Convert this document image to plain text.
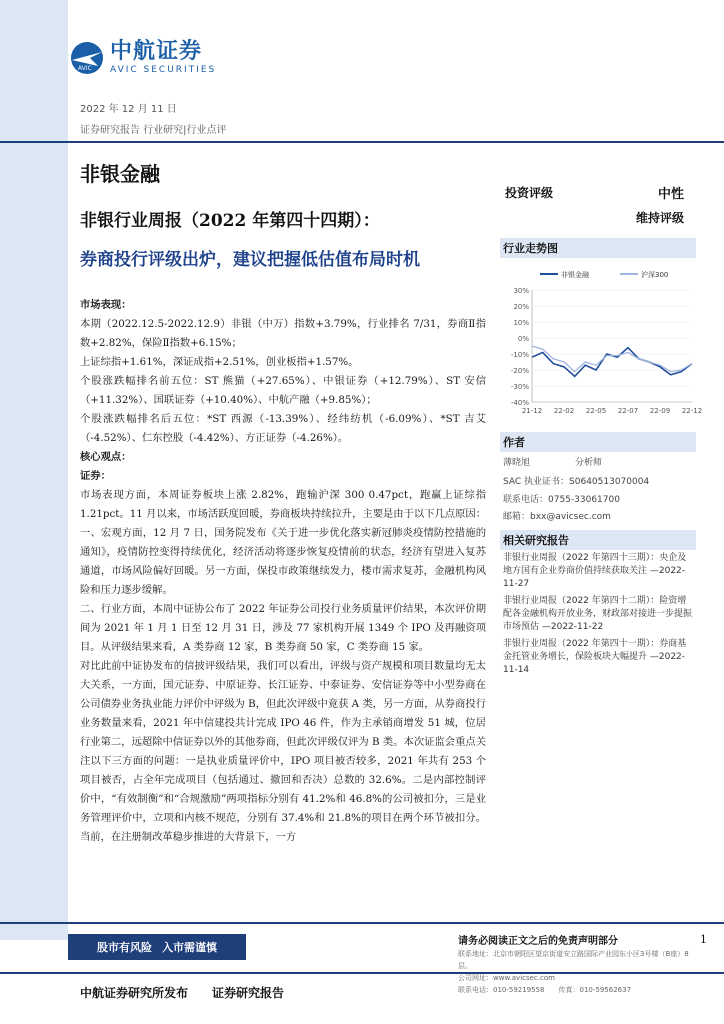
AVIC
中航证券
AVIC SECURITIES
2022 年 12 月 11 日
证券研究报告 行业研究|行业点评
非银金融
非银行业周报（2022 年第四十四期）：
券商投行评级出炉，建议把握低估值布局时机
投资评级	中性
维持评级
行业走势图
30%
20%
10%
0%
-10%
-20%
-30%
-40%
21-12 22-02 22-05 22-07 22-09 22-12
非银金融	沪深300
作者
薄晓旭　　　　　分析师
SAC 执业证书：S0640513070004
联系电话：0755-33061700
邮箱：bxx@avicsec.com
相关研究报告

非银行业周报（2022 年第四十三期）：央企及地方国有企业券商价值持续获取关注 —2022-11-27

非银行业周报（2022 年第四十二期）：险资增配各金融机构开放业务，财政部对接进一步提振市场预估 —2022-11-22

非银行业周报（2022 年第四十一期）：券商基金托管业务增长，保险板块大幅提升 —2022-11-14

市场表现：

本期（2022.12.5-2022.12.9）非银（中万）指数+3.79%，行业排名 7/31，券商Ⅱ指数+2.82%，保险Ⅱ指数+6.15%；

上证综指+1.61%，深证成指+2.51%，创业板指+1.57%。

个股涨跌幅排名前五位：ST 熊猫（+27.65%）、中银证券（+12.79%）、ST 安信（+11.32%）、国联证券（+10.40%）、中航产融（+9.85%）；

个股涨跌幅排名后五位：*ST 西源（-13.39%）、经纬纺机（-6.09%）、*ST 吉艾（-4.52%）、仁东控股（-4.42%）、方正证券（-4.26%）。

核心观点：

证券：

市场表现方面，本周证券板块上涨 2.82%，跑输沪深 300 0.47pct，跑赢上证综指 1.21pct。11 月以来，市场活跃度回暖，券商板块持续拉升，主要是由于以下几点原因：一、宏观方面，12 月 7 日，国务院发布《关于进一步优化落实新冠肺炎疫情防控措施的通知》，疫情防控变得持续优化，经济活动将逐步恢复疫情前的状态，经济有望进入复苏通道，市场风险偏好回暖。另一方面，保投市政策继续发力，楼市需求复苏，金融机构风险和压力逐步缓解。

二、行业方面，本周中证协公布了 2022 年证券公司投行业务质量评价结果，本次评价期间为 2021 年 1 月 1 日至 12 月 31 日，涉及 77 家机构开展 1349 个 IPO 及再融资项目。从评级结果来看，A 类券商 12 家，B 类券商 50 家，C 类券商 15 家。

对比此前中证协发布的信披评级结果，我们可以看出，评级与资产规模和项目数量均无太大关系，一方面，国元证券、中原证券、长江证券、中泰证券、安信证券等中小型券商在公司债券业务执业能力评价中评级为 B，但此次评级中竟获 A 类，另一方面，从券商投行业务数量来看，2021 年中信建投共计完成 IPO 46 件，作为主承销商增发 51 城，位居行业第二，远超除中信证券以外的其他券商，但此次评级仅评为 B 类。本次证监会重点关注以下三方面的问题：一是执业质量评价中，IPO 项目被否较多，2021 年共有 253 个项目被否，占全年完成项目（包括通过、撤回和否决）总数的 32.6%。二是内部控制评价中，“有效制衡”和“合规激励”两项指标分别有 41.2%和 46.8%的公司被扣分，三是业务管理评价中，立项和内核不规范，分别有 37.4%和 21.8%的项目在两个环节被扣分。当前，在注册制改革稳步推进的大背景下，一方

股市有风险 入市需谨慎	请务必阅读正文之后的免责声明部分	1
联系地址：北京市朝阳区望京街道安立路国际产业园东小区3号楼（B座）8层。
公司网址：www.avicsec.com
联系电话：010-59219558　　传真：010-59562637
中航证券研究所发布　　证券研究报告
